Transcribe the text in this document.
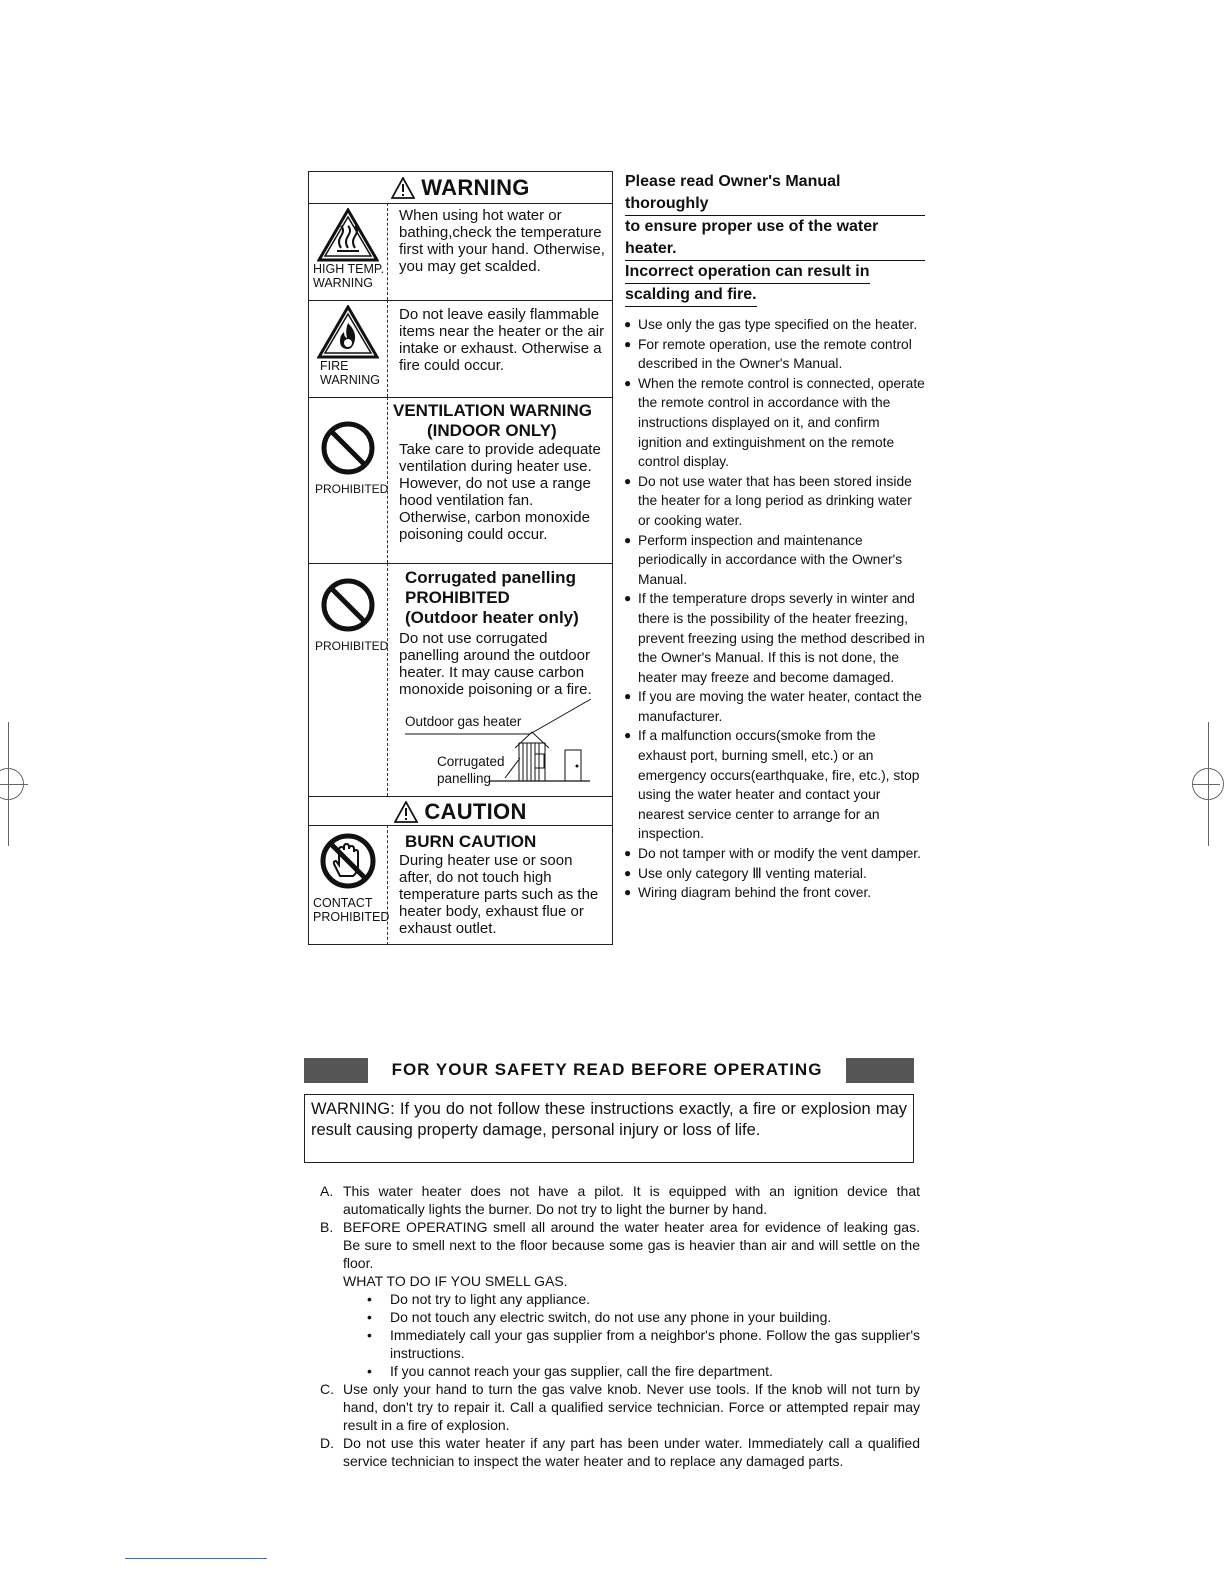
WARNING
HIGH TEMP.
WARNING
When using hot water or bathing,check the temperature first with your hand. Otherwise, you may get scalded.
FIRE
WARNING
Do not leave easily flammable items near the heater or the air intake or exhaust. Otherwise a fire could occur.
PROHIBITED
VENTILATION WARNING
(INDOOR ONLY)
Take care to provide adequate ventilation during heater use. However, do not use a range hood ventilation fan. Otherwise, carbon monoxide poisoning could occur.
PROHIBITED
Corrugated panelling
PROHIBITED
(Outdoor heater only)
Do not use corrugated panelling around the outdoor heater. It may cause carbon monoxide poisoning or a fire.
Outdoor gas heater
Corrugated
panelling
CAUTION
CONTACT
PROHIBITED
BURN CAUTION
During heater use or soon after, do not touch high temperature parts such as the heater body, exhaust flue or exhaust outlet.
Please read Owner's Manual thoroughly
to ensure proper use of the water heater.
Incorrect operation can result in
scalding and fire.
● Use only the gas type specified on the heater.
● For remote operation, use the remote control described in the Owner's Manual.
● When the remote control is connected, operate the remote control in accordance with the instructions displayed on it, and confirm ignition and extinguishment on the remote control display.
● Do not use water that has been stored inside the heater for a long period as drinking water or cooking water.
● Perform inspection and maintenance periodically in accordance with the Owner's Manual.
● If the temperature drops severly in winter and there is the possibility of the heater freezing, prevent freezing using the method described in the Owner's Manual. If this is not done, the heater may freeze and become damaged.
● If you are moving the water heater, contact the manufacturer.
● If a malfunction occurs(smoke from the exhaust port, burning smell, etc.) or an emergency occurs(earthquake, fire, etc.), stop using the water heater and contact your nearest service center to arrange for an inspection.
● Do not tamper with or modify the vent damper.
● Use only category Ⅲ venting material.
● Wiring diagram behind the front cover.
FOR YOUR SAFETY READ BEFORE OPERATING
WARNING: If you do not follow these instructions exactly, a fire or explosion may result causing property damage, personal injury or loss of life.
A. This water heater does not have a pilot. It is equipped with an ignition device that automatically lights the burner. Do not try to light the burner by hand.
B. BEFORE OPERATING smell all around the water heater area for evidence of leaking gas. Be sure to smell next to the floor because some gas is heavier than air and will settle on the floor.
WHAT TO DO IF YOU SMELL GAS.
• Do not try to light any appliance.
• Do not touch any electric switch, do not use any phone in your building.
• Immediately call your gas supplier from a neighbor's phone. Follow the gas supplier's instructions.
• If you cannot reach your gas supplier, call the fire department.
C. Use only your hand to turn the gas valve knob. Never use tools. If the knob will not turn by hand, don't try to repair it. Call a qualified service technician. Force or attempted repair may result in a fire of explosion.
D. Do not use this water heater if any part has been under water. Immediately call a qualified service technician to inspect the water heater and to replace any damaged parts.
